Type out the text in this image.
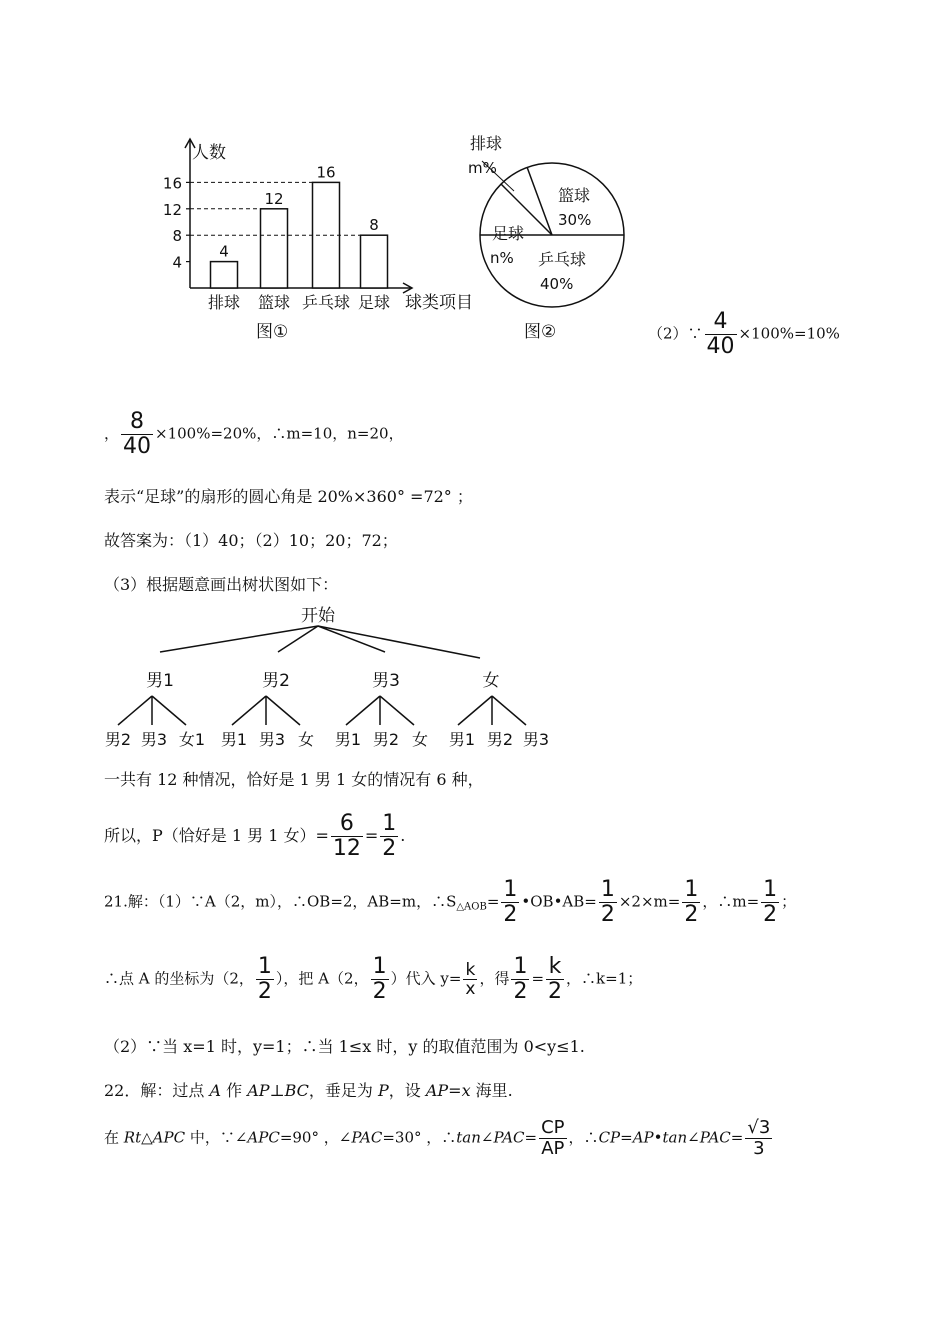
4
8
12
16
4
排球
12
篮球
16
乒乓球
8
足球
人数
球类项目
图①
排球
m%
篮球
30%
乒乓球
40%
足球
n%
图②	（2）∵ $\frac{4}{40} \times 100\%=10\%$
， $\frac{8}{40} \times 100\%=20\%$，∴m=10，n=20，
表示“足球”的扇形的圆心角是 20%×360° =72° ；
故答案为：（1）40；（2）10；20；72；
（3）根据题意画出树状图如下：
开始
男1	男2	男3	女
男2 男3 女1 男1 男3 女 男1 男2 女 男1 男2 男3
一共有 12 种情况，恰好是 1 男 1 女的情况有 6 种，
所以，P（恰好是 1 男 1 女）= $\frac{6}{12} = \frac{1}{2}$ .
21.解：（1）∵A（2，m），∴OB=2，AB=m，$\therefore S_{\triangle AOB}= \frac{1}{2}$ •OB•AB= $\frac{1}{2} \times 2\times m= \frac{1}{2}$ ，∴m= $\frac{1}{2}$ ；
∴点 A 的坐标为（2， $\frac{1}{2}$ ），把 A（2， $\frac{1}{2}$ ）代入 $y= \frac{k}{x}$ ，得 $\frac{1}{2} = \frac{k}{2}$ ，∴k=1；
（2）∵当 x=1 时，y=1；∴当 1≤x 时，y 的取值范围为 0<y≤1.
22．解：过点 A 作 AP⊥BC，垂足为 P，设 AP=x 海里.
在 Rt△APC 中，∵∠APC=90° ，∠PAC=30° ，∴tan∠PAC= $\frac{CP}{AP}$ ，∴CP=AP•tan∠PAC= $\frac{√3}{3}$
